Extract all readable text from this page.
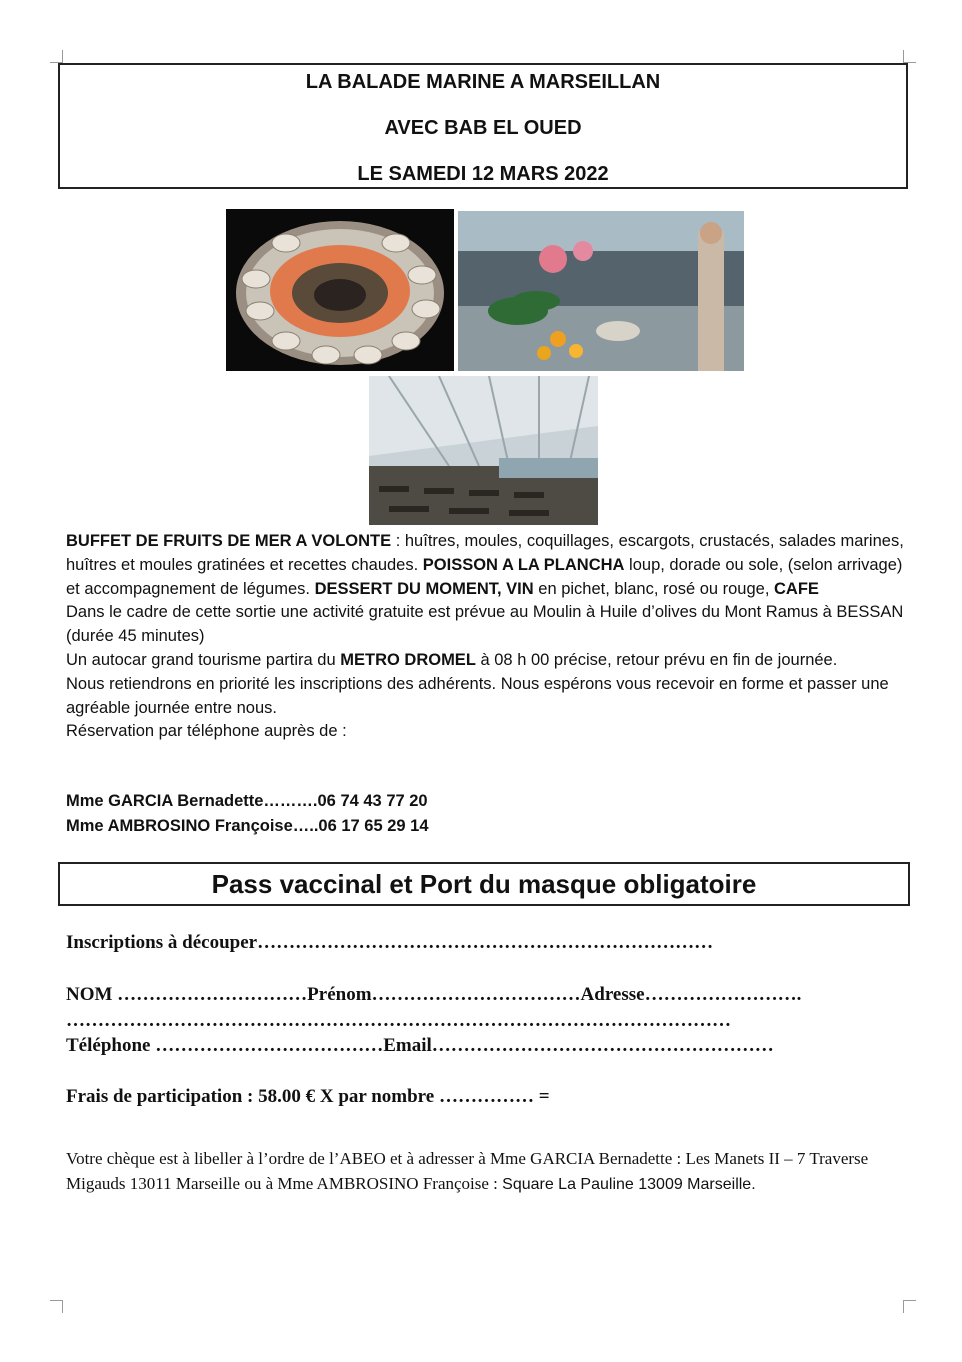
LA BALADE MARINE A MARSEILLAN
AVEC BAB EL OUED
LE SAMEDI 12 MARS 2022

BUFFET DE FRUITS DE MER A VOLONTE : huîtres, moules, coquillages, escargots, crustacés, salades marines, huîtres et moules gratinées et recettes chaudes. POISSON A LA PLANCHA loup, dorade ou sole, (selon arrivage) et accompagnement de légumes. DESSERT DU MOMENT, VIN en pichet, blanc, rosé ou rouge, CAFE

Dans le cadre de cette sortie une activité gratuite est prévue au Moulin à Huile d’olives du Mont Ramus à BESSAN (durée 45 minutes)

Un autocar grand tourisme partira du METRO DROMEL à 08 h 00 précise, retour prévu en fin de journée.

Nous retiendrons en priorité les inscriptions des adhérents. Nous espérons vous recevoir en forme et passer une agréable journée entre nous.

Réservation par téléphone auprès de :

Mme GARCIA Bernadette……….06 74 43 77 20
Mme AMBROSINO Françoise…..06 17 65 29 14
Pass vaccinal et Port du masque obligatoire
Inscriptions à découper………………………………………………………………
NOM …………………………Prénom……………………………Adresse…………………….
……………………………………………………………………………………………
Téléphone ………………………………Email………………………………………………
Frais de participation : 58.00 € X par nombre …………… =
Votre chèque est à libeller à l’ordre de l’ABEO et à adresser à Mme GARCIA Bernadette : Les Manets II – 7 Traverse Migauds 13011 Marseille ou à Mme AMBROSINO Françoise : Square La Pauline 13009 Marseille.
